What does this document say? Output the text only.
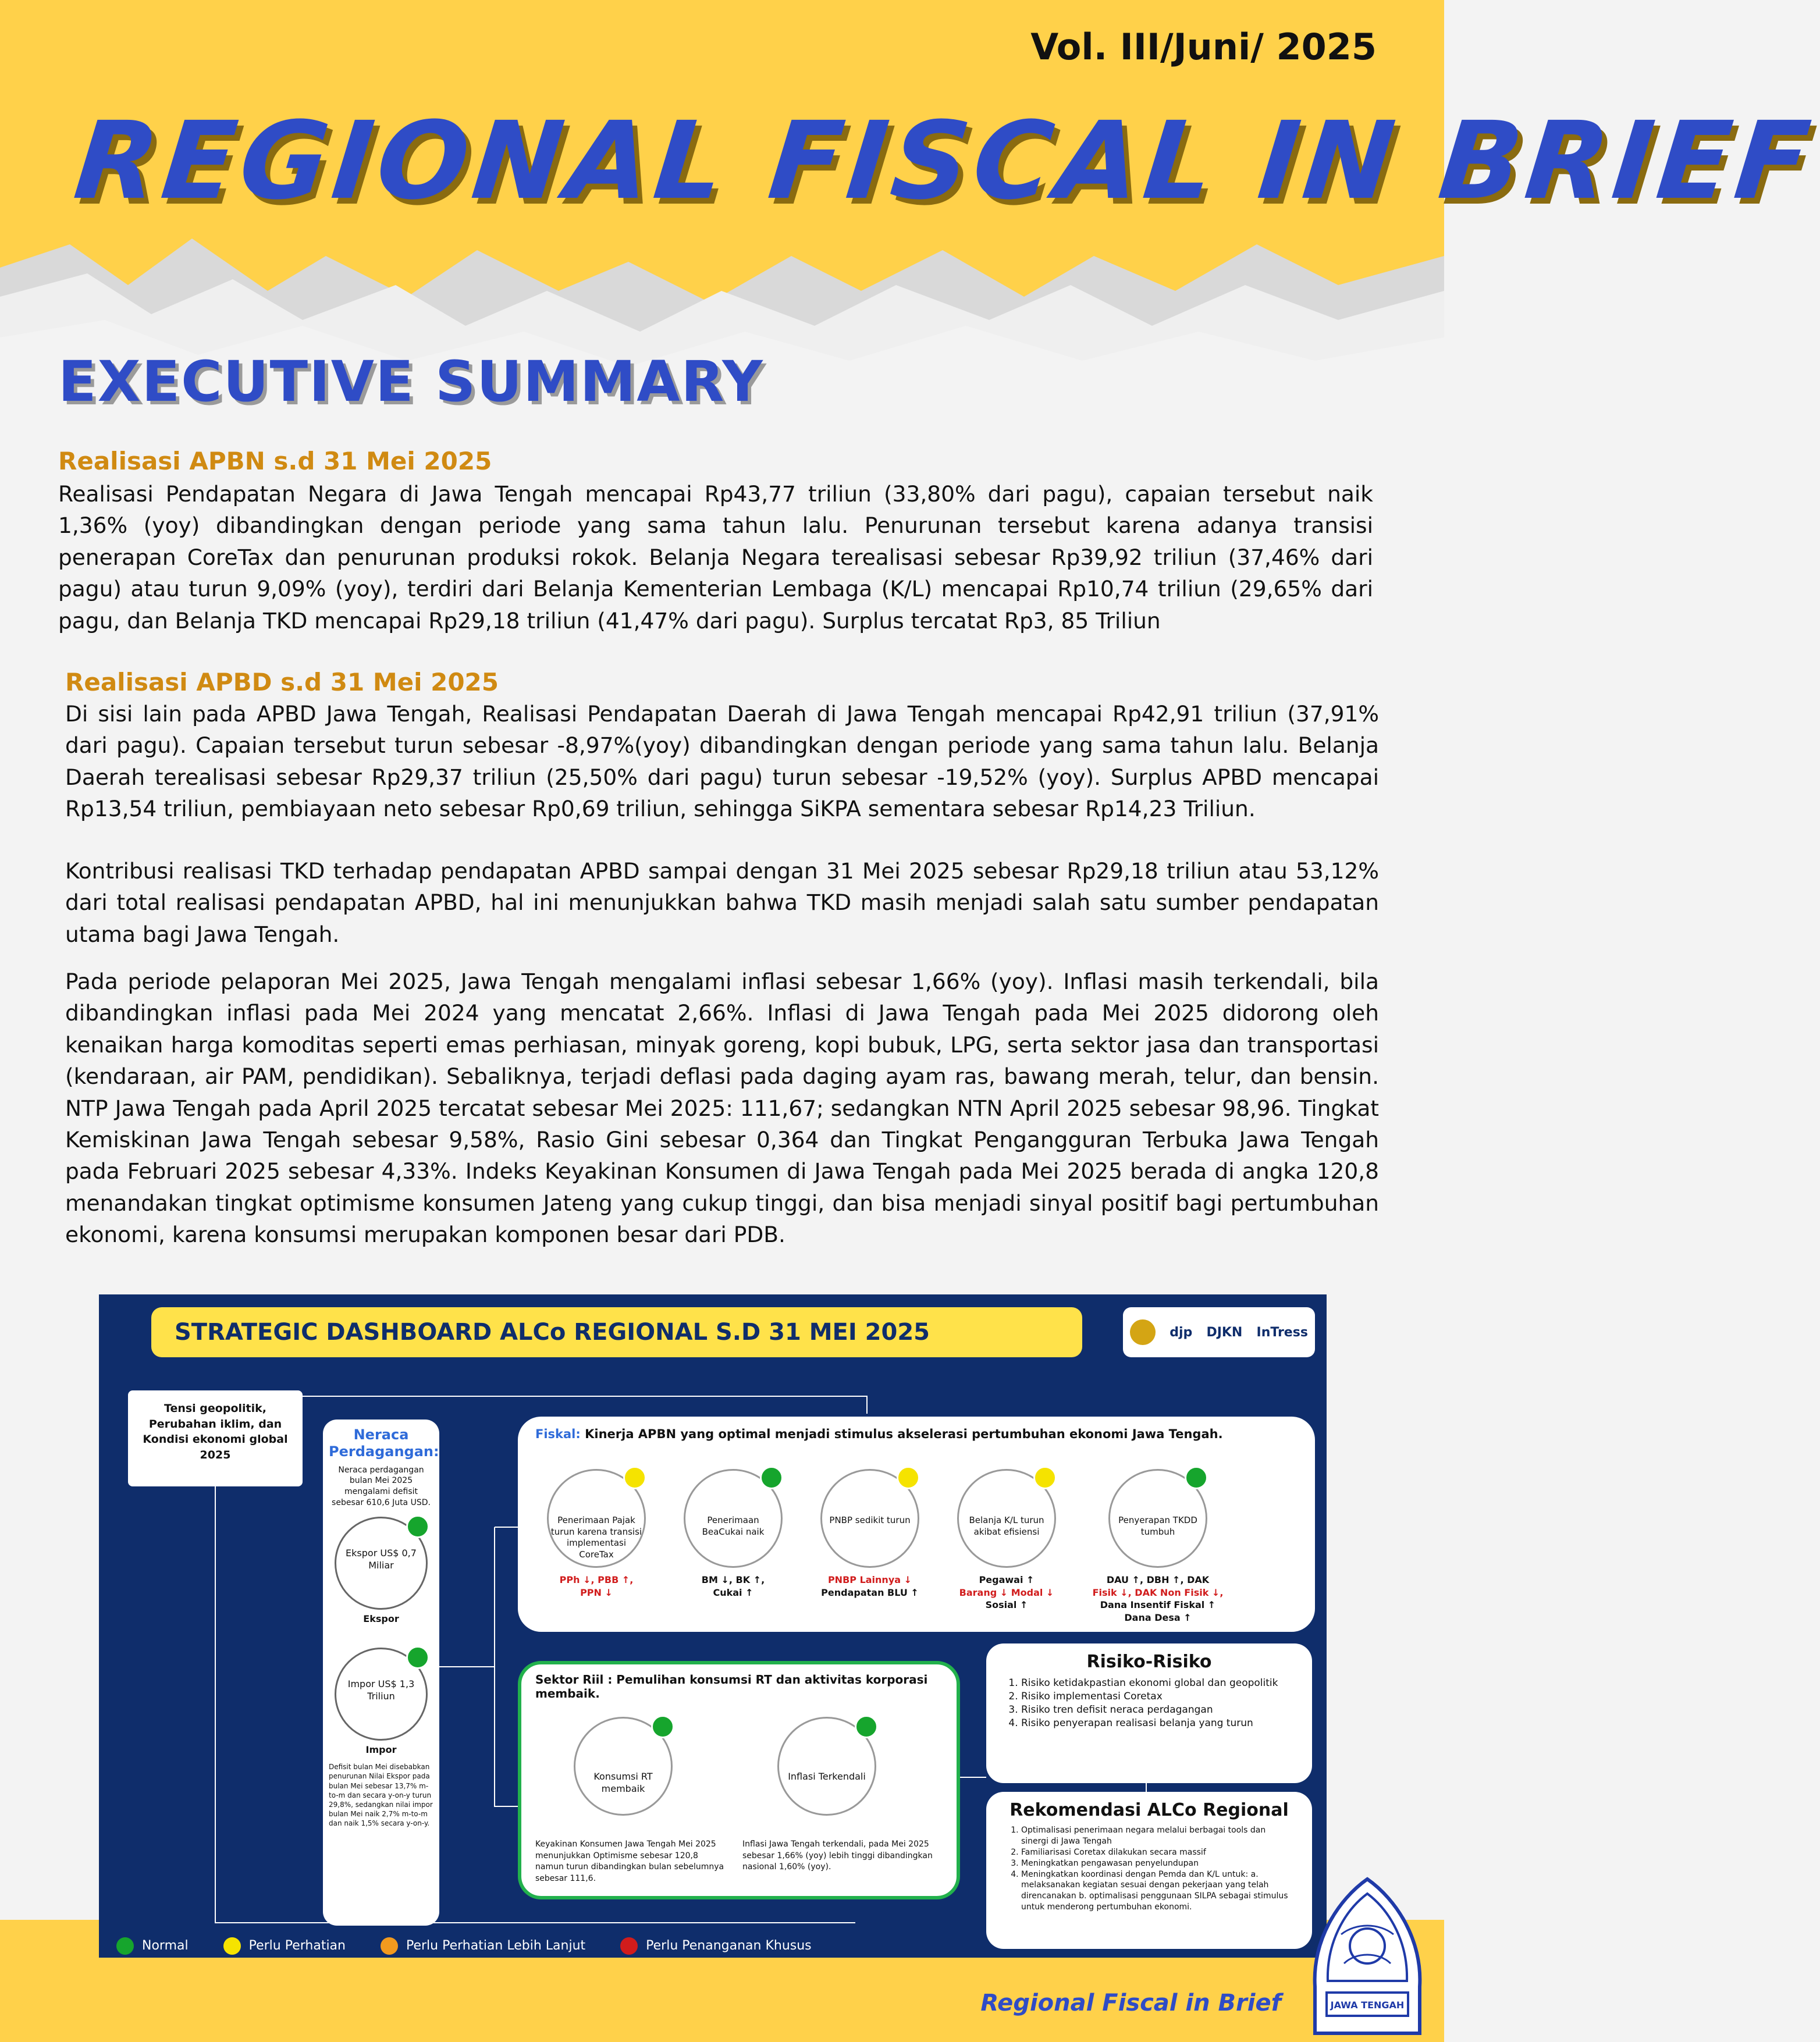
Vol. III/Juni/ 2025
REGIONAL FISCAL IN BRIEF
EXECUTIVE SUMMARY
Realisasi APBN s.d 31 Mei 2025
Realisasi Pendapatan Negara di Jawa Tengah mencapai Rp43,77 triliun (33,80% dari pagu), capaian tersebut naik 1,36% (yoy) dibandingkan dengan periode yang sama tahun lalu. Penurunan tersebut karena adanya transisi penerapan CoreTax dan penurunan produksi rokok. Belanja Negara terealisasi sebesar Rp39,92 triliun (37,46% dari pagu) atau turun 9,09% (yoy), terdiri dari Belanja Kementerian Lembaga (K/L) mencapai Rp10,74 triliun (29,65% dari pagu, dan Belanja TKD mencapai Rp29,18 triliun (41,47% dari pagu). Surplus tercatat Rp3, 85 Triliun
Realisasi APBD s.d 31 Mei 2025
Di sisi lain pada APBD Jawa Tengah, Realisasi Pendapatan Daerah di Jawa Tengah mencapai Rp42,91 triliun (37,91% dari pagu). Capaian tersebut turun sebesar -8,97%(yoy) dibandingkan dengan periode yang sama tahun lalu. Belanja Daerah terealisasi sebesar Rp29,37 triliun (25,50% dari pagu) turun sebesar -19,52% (yoy). Surplus APBD mencapai Rp13,54 triliun, pembiayaan neto sebesar Rp0,69 triliun, sehingga SiKPA sementara sebesar Rp14,23 Triliun.
Kontribusi realisasi TKD terhadap pendapatan APBD sampai dengan 31 Mei 2025 sebesar Rp29,18 triliun atau 53,12% dari total realisasi pendapatan APBD, hal ini menunjukkan bahwa TKD masih menjadi salah satu sumber pendapatan utama bagi Jawa Tengah.
Pada periode pelaporan Mei 2025, Jawa Tengah mengalami inflasi sebesar 1,66% (yoy). Inflasi masih terkendali, bila dibandingkan inflasi pada Mei 2024 yang mencatat 2,66%. Inflasi di Jawa Tengah pada Mei 2025 didorong oleh kenaikan harga komoditas seperti emas perhiasan, minyak goreng, kopi bubuk, LPG, serta sektor jasa dan transportasi (kendaraan, air PAM, pendidikan). Sebaliknya, terjadi deflasi pada daging ayam ras, bawang merah, telur, dan bensin. NTP Jawa Tengah pada April 2025 tercatat sebesar Mei 2025: 111,67; sedangkan NTN April 2025 sebesar 98,96. Tingkat Kemiskinan Jawa Tengah sebesar 9,58%, Rasio Gini sebesar 0,364 dan Tingkat Pengangguran Terbuka Jawa Tengah pada Februari 2025 sebesar 4,33%. Indeks Keyakinan Konsumen di Jawa Tengah pada Mei 2025 berada di angka 120,8 menandakan tingkat optimisme konsumen Jateng yang cukup tinggi, dan bisa menjadi sinyal positif bagi pertumbuhan ekonomi, karena konsumsi merupakan komponen besar dari PDB.
STRATEGIC DASHBOARD ALCo REGIONAL S.D 31 MEI 2025	djp DJKN InTress
Tensi geopolitik, Perubahan iklim, dan Kondisi ekonomi global 2025
Neraca Perdagangan:
Neraca perdagangan bulan Mei 2025 mengalami defisit sebesar 610,6 Juta USD.
Ekspor US$ 0,7 Miliar
Ekspor
Impor US$ 1,3 Triliun
Impor
Defisit bulan Mei disebabkan penurunan Nilai Ekspor pada bulan Mei sebesar 13,7% m-to-m dan secara y-on-y turun 29,8%, sedangkan nilai impor bulan Mei naik 2,7% m-to-m dan naik 1,5% secara y-on-y.
Fiskal: Kinerja APBN yang optimal menjadi stimulus akselerasi pertumbuhan ekonomi Jawa Tengah.
Penerimaan Pajak turun karena transisi implementasi CoreTax
PPh ↓, PBB ↑,
PPN ↓
Penerimaan BeaCukai naik
BM ↓, BK ↑,
Cukai ↑
PNBP sedikit turun
PNBP Lainnya ↓
Pendapatan BLU ↑
Belanja K/L turun akibat efisiensi
Pegawai ↑
Barang ↓ Modal ↓
Sosial ↑
Penyerapan TKDD tumbuh
DAU ↑, DBH ↑, DAK
Fisik ↓, DAK Non Fisik ↓,
Dana Insentif Fiskal ↑
Dana Desa ↑
Sektor Riil : Pemulihan konsumsi RT dan aktivitas korporasi membaik.
Konsumsi RT membaik
Inflasi Terkendali
Keyakinan Konsumen Jawa Tengah Mei 2025 menunjukkan Optimisme sebesar 120,8 namun turun dibandingkan bulan sebelumnya sebesar 111,6.
Inflasi Jawa Tengah terkendali, pada Mei 2025 sebesar 1,66% (yoy) lebih tinggi dibandingkan nasional 1,60% (yoy).
Risiko-Risiko
1. Risiko ketidakpastian ekonomi global dan geopolitik
2. Risiko implementasi Coretax
3. Risiko tren defisit neraca perdagangan
4. Risiko penyerapan realisasi belanja yang turun
Rekomendasi ALCo Regional
1. Optimalisasi penerimaan negara melalui berbagai tools dan sinergi di Jawa Tengah
2. Familiarisasi Coretax dilakukan secara massif
3. Meningkatkan pengawasan penyelundupan
4. Meningkatkan koordinasi dengan Pemda dan K/L untuk: a. melaksanakan kegiatan sesuai dengan pekerjaan yang telah direncanakan b. optimalisasi penggunaan SILPA sebagai stimulus untuk menderong pertumbuhan ekonomi.
Normal	Perlu Perhatian	Perlu Perhatian Lebih Lanjut	Perlu Penanganan Khusus
Regional Fiscal in Brief	JAWA TENGAH
